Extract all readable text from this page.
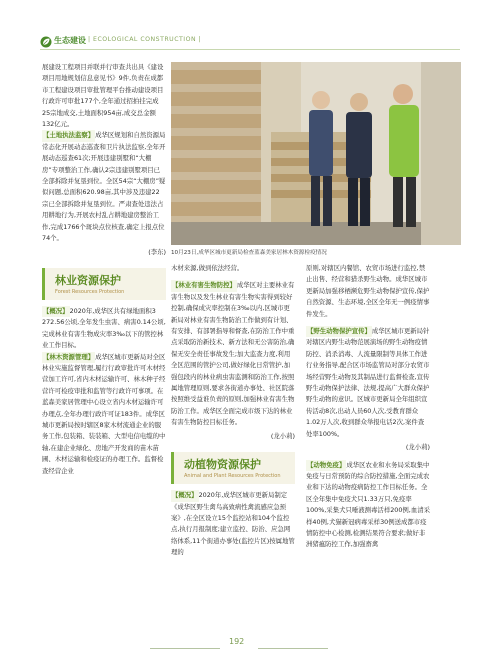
生态建设 | ECOLOGICAL CONSTRUCTION |

展建设工程项目并联并行审查共出具《建设项目用地规划信息意见书》9件,负责在成都市工程建设项目审批管理平台推动建设项目行政许可审批177个,全年通过招拍挂完成25宗地成交,土地面积954亩,成交总金额132亿元。

【土地执法监察】成华区规划和自然资源局常态化开展动态巡查和卫片执法监察,全年开展动态巡查61次;开展违建别墅和“大棚房”专项整治工作,确认2宗违建别墅项目已全部拆除并复垦到位。全区54宗“大棚房”疑似问题,总面积620.98亩,其中涉及违建22宗已全部拆除并复垦到位。严肃查处违法占用耕地行为,开展农村乱占耕地建房整治工作,完成1766个斑块点位核查,确定上报点位74个。

(李东)

林业资源保护
Forest Resources Protection

【概况】2020年,成华区共有绿地面积3 272.56公顷,全年发生虫害、病害0.14公顷,完成林业有害生物成灾率3‰以下的管控林业工作目标。

【林木资源管理】成华区城市更新局对全区林业实施监督管理,履行行政审批许可木材经营加工许可,省内木材运输许可、林木种子经营许可检疫审批和监管等行政许可事项。在蓝森美家居管理中心设立省内木材运输许可办理点,全年办理行政许可证183件。成华区城市更新局按时辖区8家木材流通企业的服务工作,包装箱、装装箱、大型电信电缆的中轴,在建企业绿化、房地产开发商的苗木苗圃、木材运输和检疫证的办理工作。监督检查经营企业

10月23日,成华区城市更新局检查蓝森美家居林木资源检疫情况

木材来源,做到依法经营。

【林业有害生物防控】成华区对主要林业有害生物以及发生林业有害生物实害得到较好控制,确保成灾率控制在3‰以内,区城市更新局对林业有害生物防治工作做到有计划、有安排、有部署指导和督查,在防治工作中重点采取防治新技术、新方法和无公害防治,确保无安全责任事故发生;加大监查力度,利用全区范围的管护公司,做好绿化日常管护,加强包段内的林业病虫害监测和防治工作,按照属地管理原则,要求各街道办事处、社区院落按照维受益谁负责的原则,加强林业有害生物防治工作。成华区全面完成市级下达的林业有害生物防控目标任务。

(龙小莉)

动植物资源保护
Animal and Plant Resources Protection

【概况】2020年,成华区城市更新局制定《成华区野生禽鸟高致病性禽流感应急预案》,在全区设立15个监控站和104个监控点,执行月报制度;建立监控、防治、应急网络体系,11个街道办事处(监控片区)按属地管理的

原则,对辖区内餐馆、农贸市场进行监控,禁止出售、经营和猎杀野生动物。成华区城市更新局加强移栖濒危野生动物保护宣传,保护自然资源、生态环境,全区全年无一例疫情事件发生。

【野生动物保护宣传】成华区城市更新局针对辖区内野生动物范展演场的野生动物疫情防控、消杀消毒、人流量限制等具体工作进行业务指导,配合区市场监管局对部分农贸市场经营野生动物及其制品进行监督检查,宣传野生动物保护法律、法规,提高广大群众保护野生动物的意识。区城市更新局全年组织宣传活动8次,出动人员60人次,受教育群众1.02万人次,收到群众举报电话2次,案件查处率100%。

(龙小莉)

【动物免疫】成华区农业和水务局采取集中免疫与日常预防的综合防控措施,全面完成农业和下达的动物疫病防控工作目标任务。全区全年集中免疫犬只1.33万只,免疫率100%,采集犬只唾液测毒活样200例,血清采样40例,犬猫新冠病毒采样30例送成都市疫情防控中心检测,检测结果符合要求;做好非洲猪瘟防控工作,加强畜禽

192
